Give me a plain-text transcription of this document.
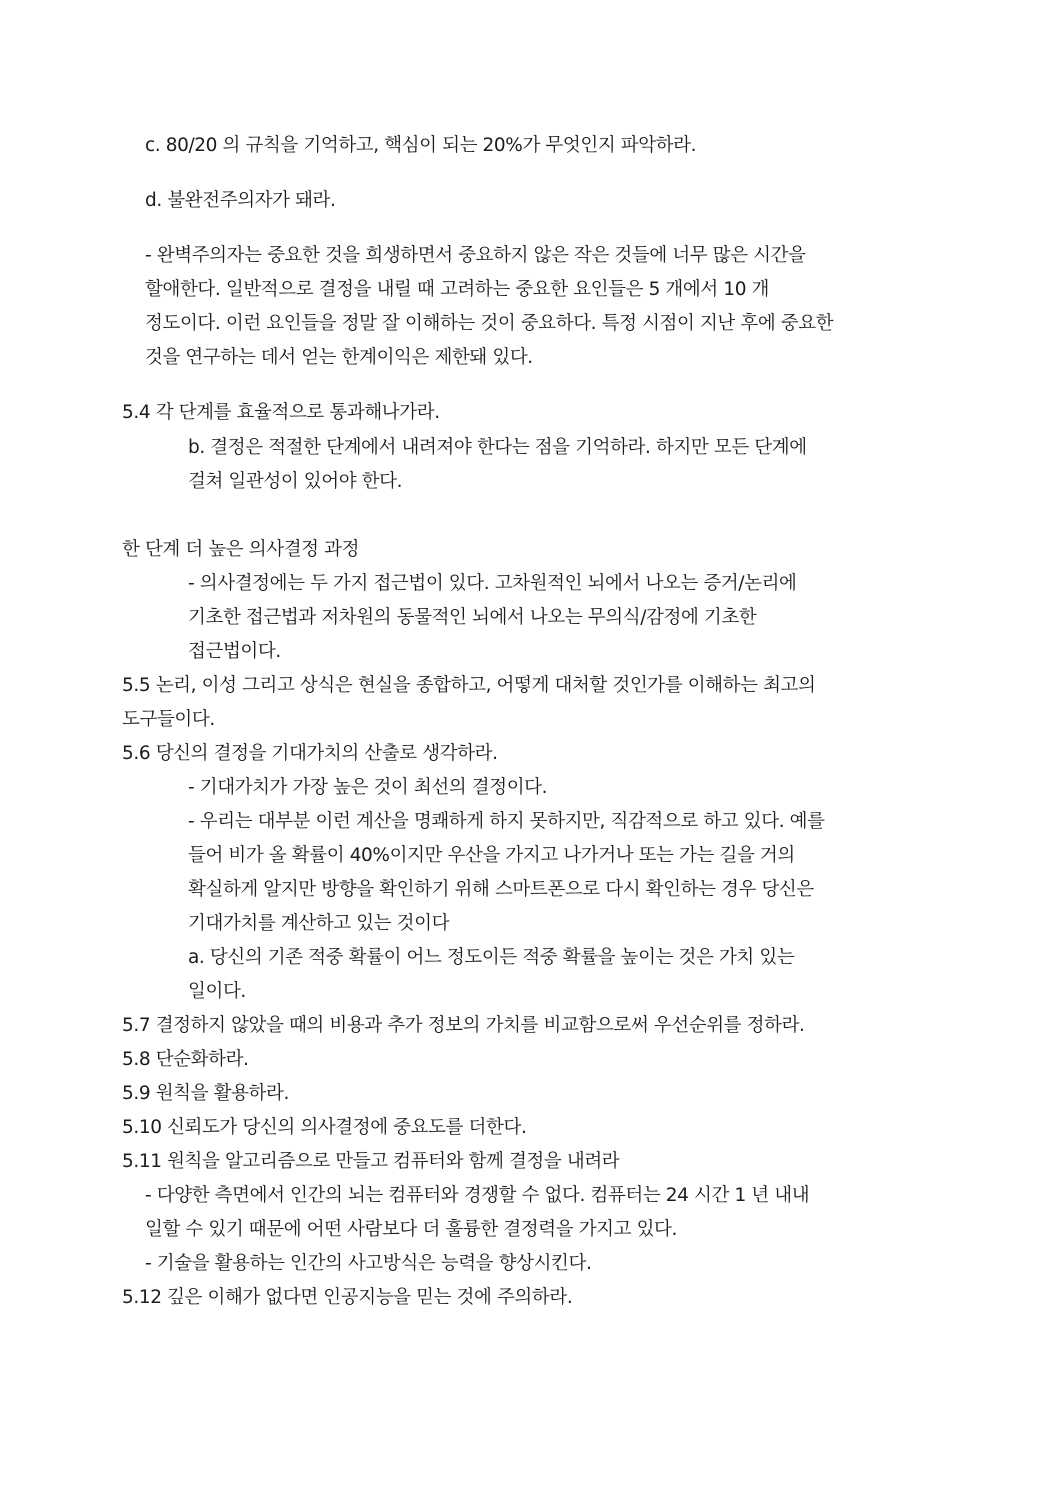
c. 80/20 의 규칙을 기억하고, 핵심이 되는 20%가 무엇인지 파악하라.
d. 불완전주의자가 돼라.
- 완벽주의자는 중요한 것을 희생하면서 중요하지 않은 작은 것들에 너무 많은 시간을
할애한다. 일반적으로 결정을 내릴 때 고려하는 중요한 요인들은 5 개에서 10 개
정도이다. 이런 요인들을 정말 잘 이해하는 것이 중요하다. 특정 시점이 지난 후에 중요한
것을 연구하는 데서 얻는 한계이익은 제한돼 있다.
5.4 각 단계를 효율적으로 통과해나가라.
b. 결정은 적절한 단계에서 내려져야 한다는 점을 기억하라. 하지만 모든 단계에
걸쳐 일관성이 있어야 한다.
한 단계 더 높은 의사결정 과정
- 의사결정에는 두 가지 접근법이 있다. 고차원적인 뇌에서 나오는 증거/논리에
기초한 접근법과 저차원의 동물적인 뇌에서 나오는 무의식/감정에 기초한
접근법이다.
5.5 논리, 이성 그리고 상식은 현실을 종합하고, 어떻게 대처할 것인가를 이해하는 최고의
도구들이다.
5.6 당신의 결정을 기대가치의 산출로 생각하라.
- 기대가치가 가장 높은 것이 최선의 결정이다.
- 우리는 대부분 이런 계산을 명쾌하게 하지 못하지만, 직감적으로 하고 있다. 예를
들어 비가 올 확률이 40%이지만 우산을 가지고 나가거나 또는 가는 길을 거의
확실하게 알지만 방향을 확인하기 위해 스마트폰으로 다시 확인하는 경우 당신은
기대가치를 계산하고 있는 것이다
a. 당신의 기존 적중 확률이 어느 정도이든 적중 확률을 높이는 것은 가치 있는
일이다.
5.7 결정하지 않았을 때의 비용과 추가 정보의 가치를 비교함으로써 우선순위를 정하라.
5.8 단순화하라.
5.9 원칙을 활용하라.
5.10 신뢰도가 당신의 의사결정에 중요도를 더한다.
5.11 원칙을 알고리즘으로 만들고 컴퓨터와 함께 결정을 내려라
- 다양한 측면에서 인간의 뇌는 컴퓨터와 경쟁할 수 없다. 컴퓨터는 24 시간 1 년 내내
일할 수 있기 때문에 어떤 사람보다 더 훌륭한 결정력을 가지고 있다.
- 기술을 활용하는 인간의 사고방식은 능력을 향상시킨다.
5.12 깊은 이해가 없다면 인공지능을 믿는 것에 주의하라.
